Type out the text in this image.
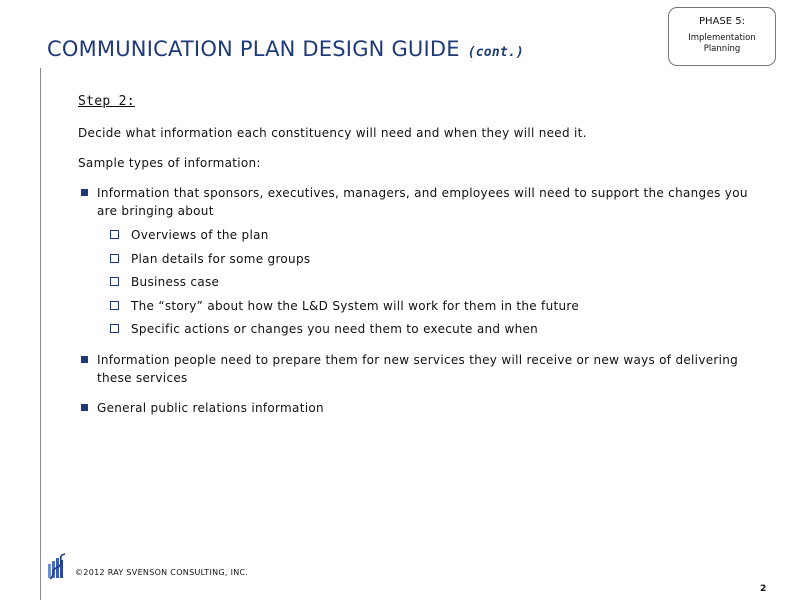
COMMUNICATION PLAN DESIGN GUIDE (cont.)
PHASE 5:
Implementation Planning
Step 2:
Decide what information each constituency will need and when they will need it.
Sample types of information:
Information that sponsors, executives, managers, and employees will need to support the changes you are bringing about
Overviews of the plan
Plan details for some groups
Business case
The “story” about how the L&D System will work for them in the future
Specific actions or changes you need them to execute and when
Information people need to prepare them for new services they will receive or new ways of delivering these services
General public relations information
©2012 RAY SVENSON CONSULTING, INC.
2
